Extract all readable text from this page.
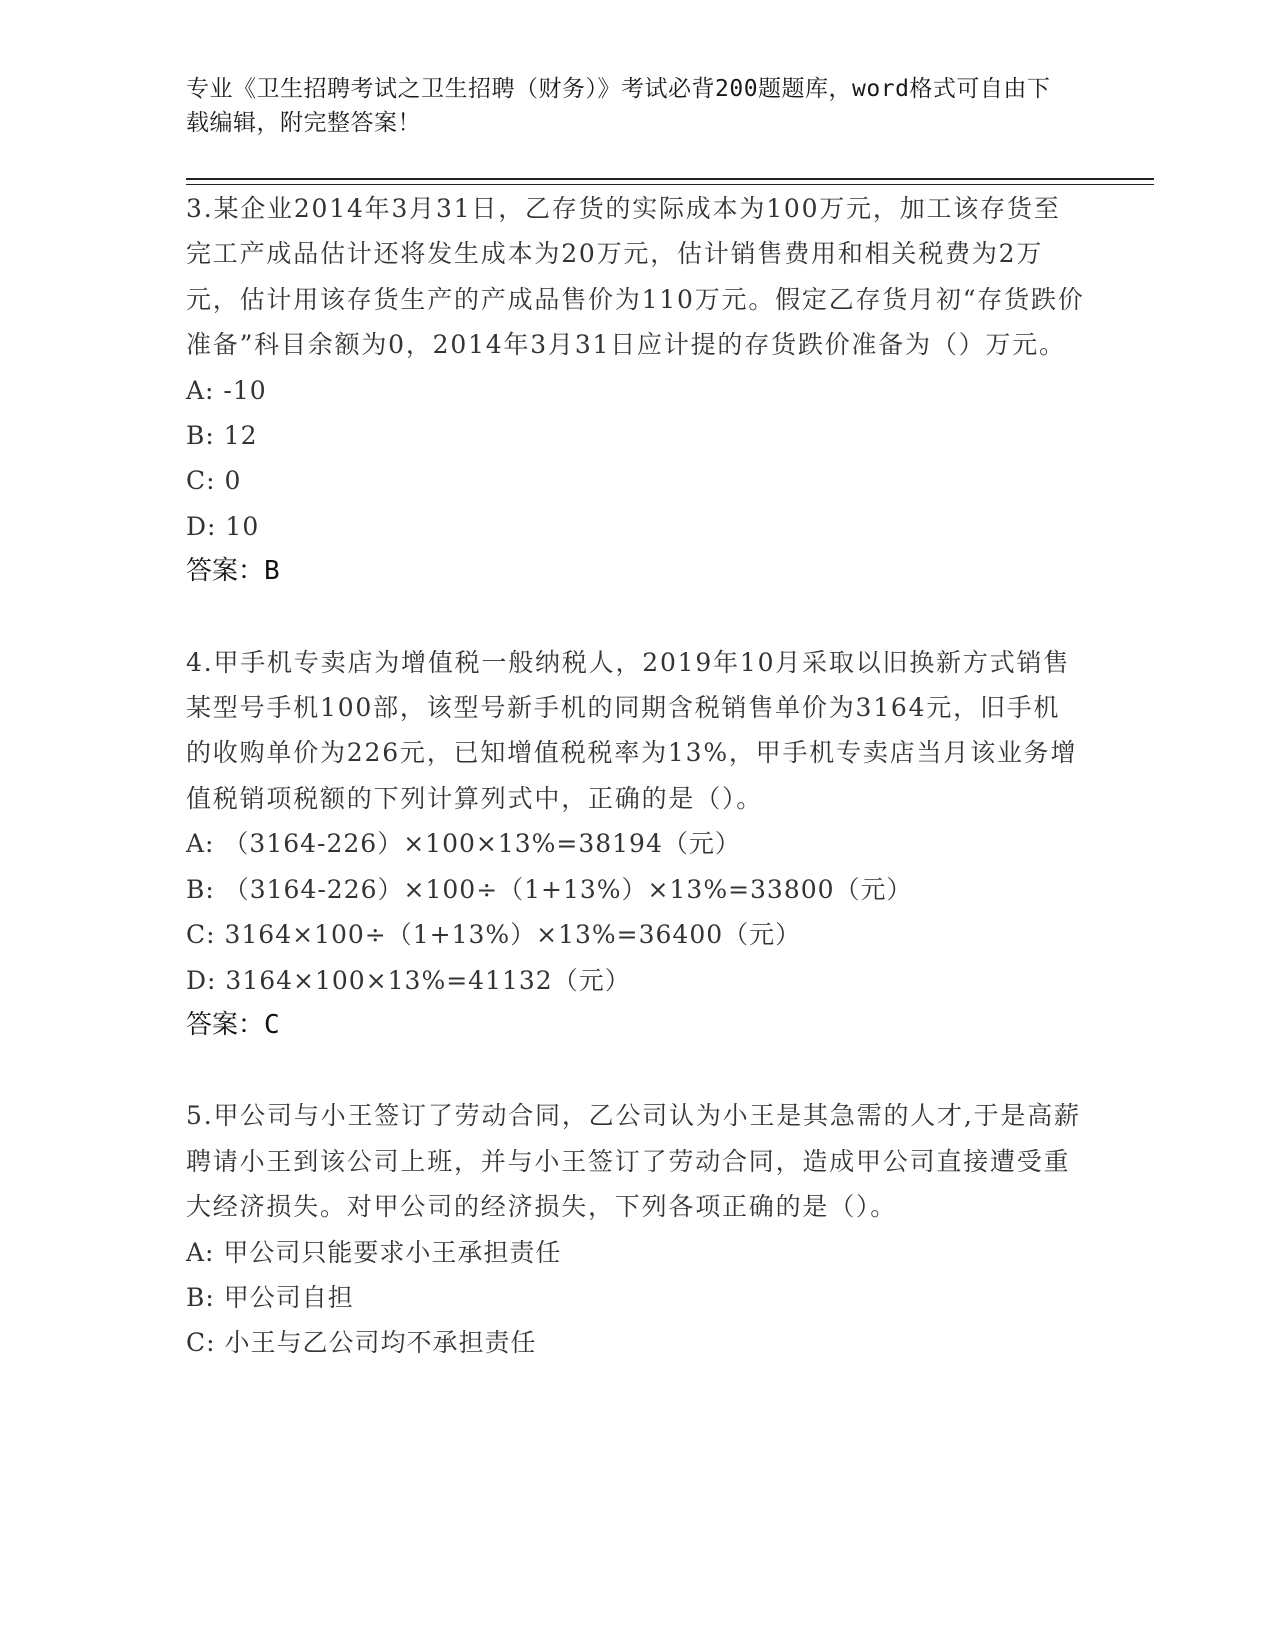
专业《卫生招聘考试之卫生招聘（财务）》考试必背200题题库，word格式可自由下载编辑，附完整答案！

3.某企业2014年3月31日，乙存货的实际成本为100万元，加工该存货至完工产成品估计还将发生成本为20万元，估计销售费用和相关税费为2万元，估计用该存货生产的产成品售价为110万元。假定乙存货月初“存货跌价准备”科目余额为0，2014年3月31日应计提的存货跌价准备为（）万元。

A: -10

B: 12

C: 0

D: 10

答案：B

4.甲手机专卖店为增值税一般纳税人，2019年10月采取以旧换新方式销售某型号手机100部，该型号新手机的同期含税销售单价为3164元，旧手机的收购单价为226元，已知增值税税率为13%，甲手机专卖店当月该业务增值税销项税额的下列计算列式中，正确的是（）。

A: （3164-226）×100×13%=38194（元）

B: （3164-226）×100÷（1+13%）×13%=33800（元）

C: 3164×100÷（1+13%）×13%=36400（元）

D: 3164×100×13%=41132（元）

答案：C

5.甲公司与小王签订了劳动合同，乙公司认为小王是其急需的人才,于是高薪聘请小王到该公司上班，并与小王签订了劳动合同，造成甲公司直接遭受重大经济损失。对甲公司的经济损失，下列各项正确的是（）。

A: 甲公司只能要求小王承担责任

B: 甲公司自担

C: 小王与乙公司均不承担责任
